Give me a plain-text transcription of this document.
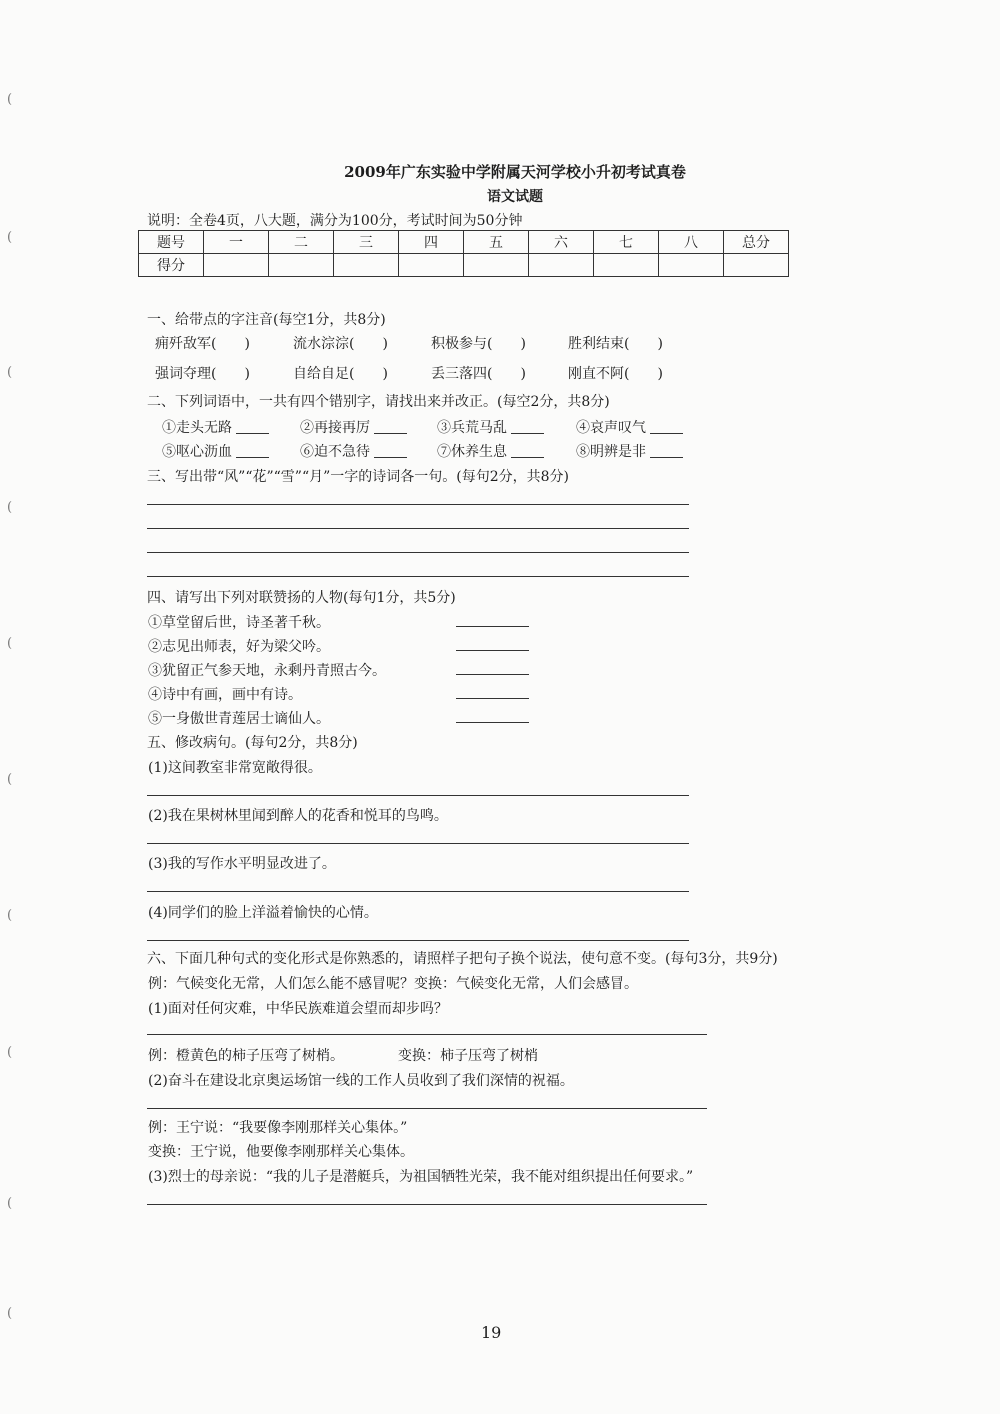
(
(
(
(
(
(
(
(
(
(
2009年广东实验中学附属天河学校小升初考试真卷
语文试题
说明：全卷4页，八大题，满分为100分，考试时间为50分钟
题号	一	二	三	四	五	六	七	八	总分
得分									
一、给带点的字注音(每空1分，共8分)
痈歼敌军(　　)	流水淙淙(　　)	积极参与(　　)	胜利结束(　　)
强词夺理(　　)	自给自足(　　)	丢三落四(　　)	刚直不阿(　　)
二、下列词语中，一共有四个错别字，请找出来并改正。(每空2分，共8分)
①走头无路	②再接再厉	③兵荒马乱	④哀声叹气
⑤呕心沥血	⑥迫不急待	⑦休养生息	⑧明辨是非
三、写出带“风”“花”“雪”“月”一字的诗词各一句。(每句2分，共8分)
四、请写出下列对联赞扬的人物(每句1分，共5分)
①草堂留后世，诗圣著千秋。
②志见出师表，好为梁父吟。
③犹留正气参天地，永剩丹青照古今。
④诗中有画，画中有诗。
⑤一身傲世青莲居士谪仙人。
五、修改病句。(每句2分，共8分)
(1)这间教室非常宽敞得很。
(2)我在果树林里闻到醉人的花香和悦耳的鸟鸣。
(3)我的写作水平明显改进了。
(4)同学们的脸上洋溢着愉快的心情。
六、下面几种句式的变化形式是你熟悉的，请照样子把句子换个说法，使句意不变。(每句3分，共9分)
例：气候变化无常，人们怎么能不感冒呢？变换：气候变化无常，人们会感冒。
(1)面对任何灾难，中华民族难道会望而却步吗？
例：橙黄色的柿子压弯了树梢。	变换：柿子压弯了树梢
(2)奋斗在建设北京奥运场馆一线的工作人员收到了我们深情的祝福。
例：王宁说：“我要像李刚那样关心集体。”
变换：王宁说，他要像李刚那样关心集体。
(3)烈士的母亲说：“我的儿子是潜艇兵，为祖国牺牲光荣，我不能对组织提出任何要求。”
19
